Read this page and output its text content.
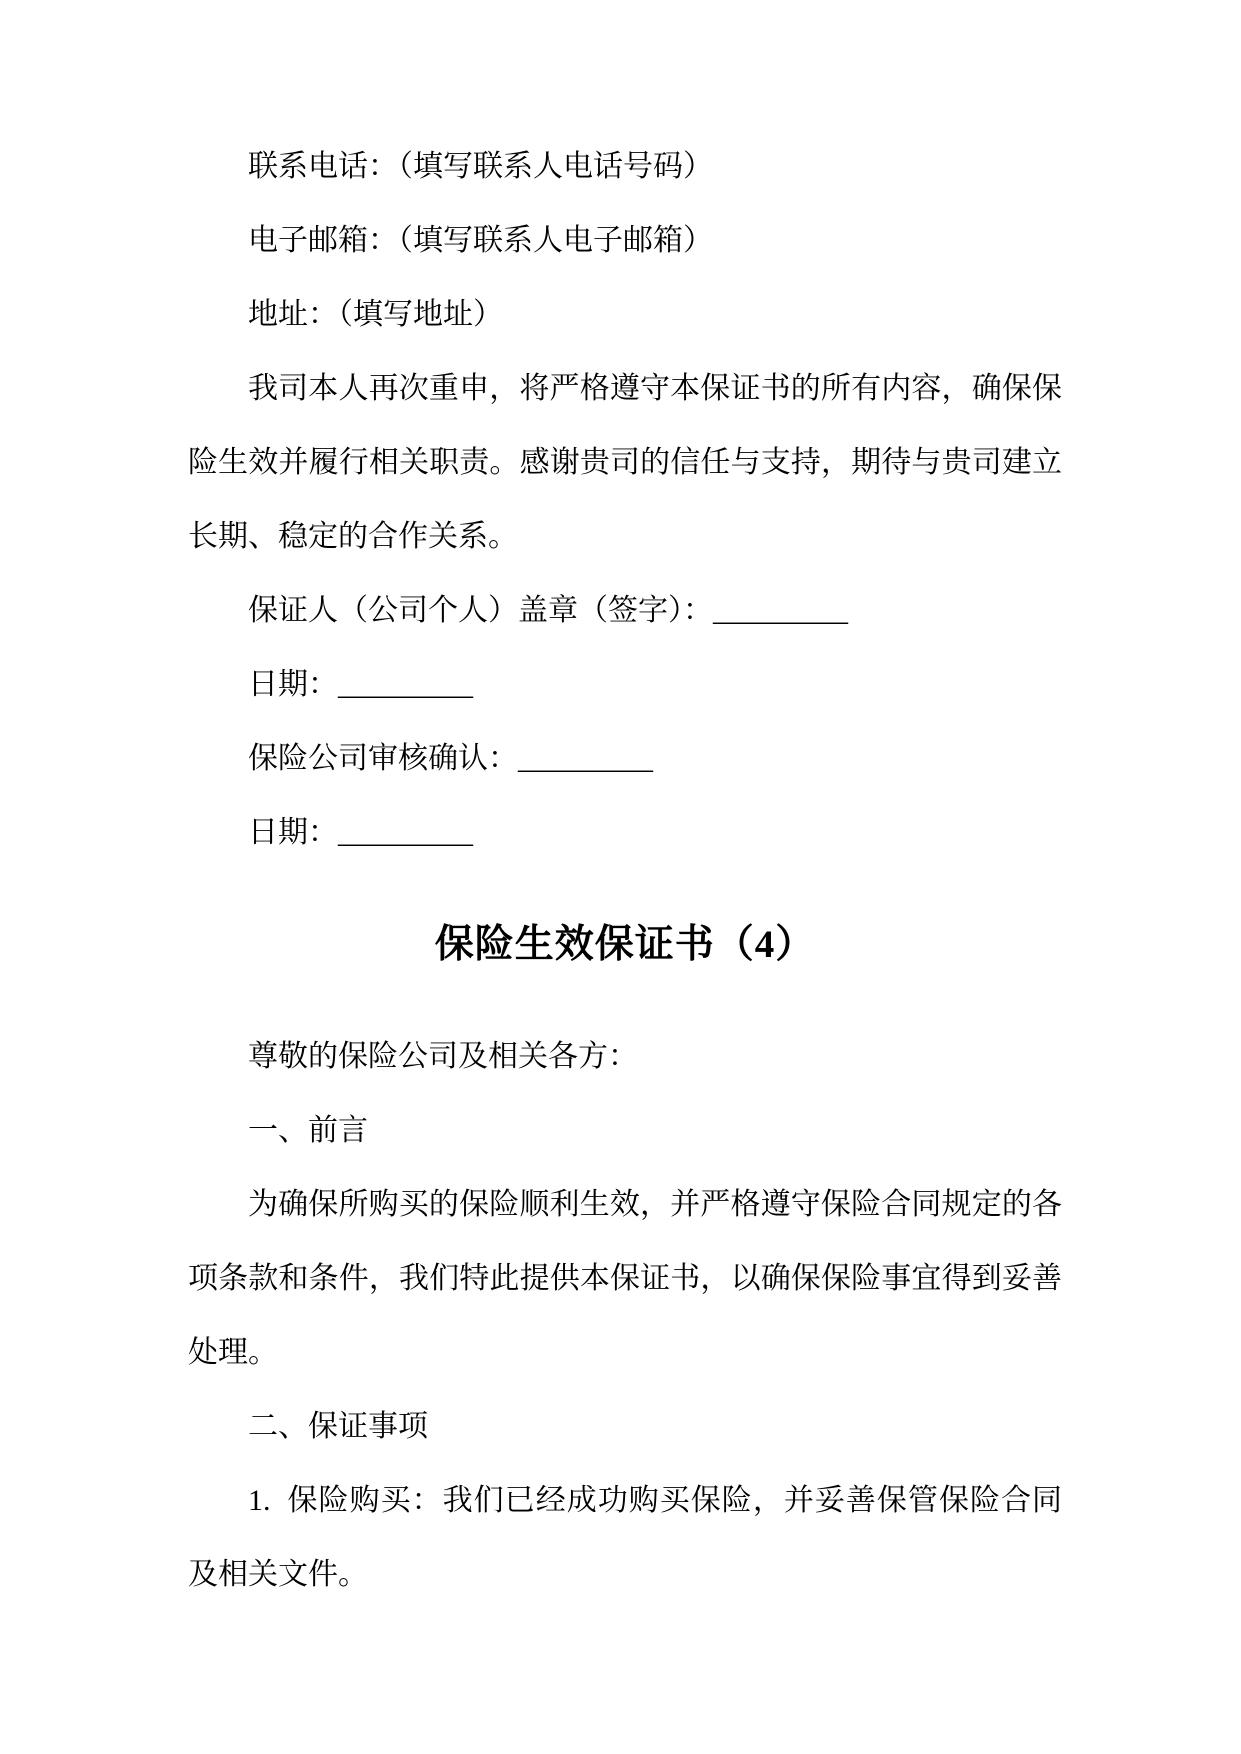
联系电话：（填写联系人电话号码）

电子邮箱：（填写联系人电子邮箱）

地址：（填写地址）

我司本人再次重申，将严格遵守本保证书的所有内容，确保保险生效并履行相关职责。感谢贵司的信任与支持，期待与贵司建立长期、稳定的合作关系。

保证人（公司个人）盖章（签字）：_________

日期：_________

保险公司审核确认：_________

日期：_________

保险生效保证书（4）

尊敬的保险公司及相关各方：

一、前言

为确保所购买的保险顺利生效，并严格遵守保险合同规定的各项条款和条件，我们特此提供本保证书，以确保保险事宜得到妥善处理。

二、保证事项

1.  保险购买：我们已经成功购买保险，并妥善保管保险合同及相关文件。
